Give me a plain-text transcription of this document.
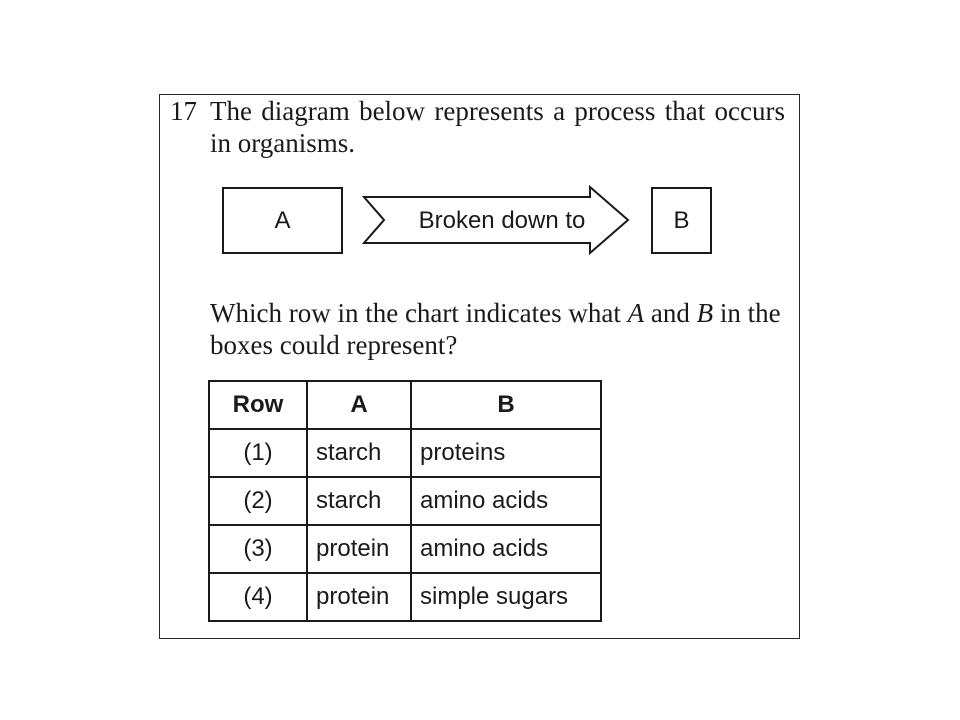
17 The diagram below represents a process that occurs in organisms.
A	Broken down to	B
Which row in the chart indicates what A and B in the boxes could represent?
Row	A	B
(1)	starch	proteins
(2)	starch	amino acids
(3)	protein	amino acids
(4)	protein	simple sugars
